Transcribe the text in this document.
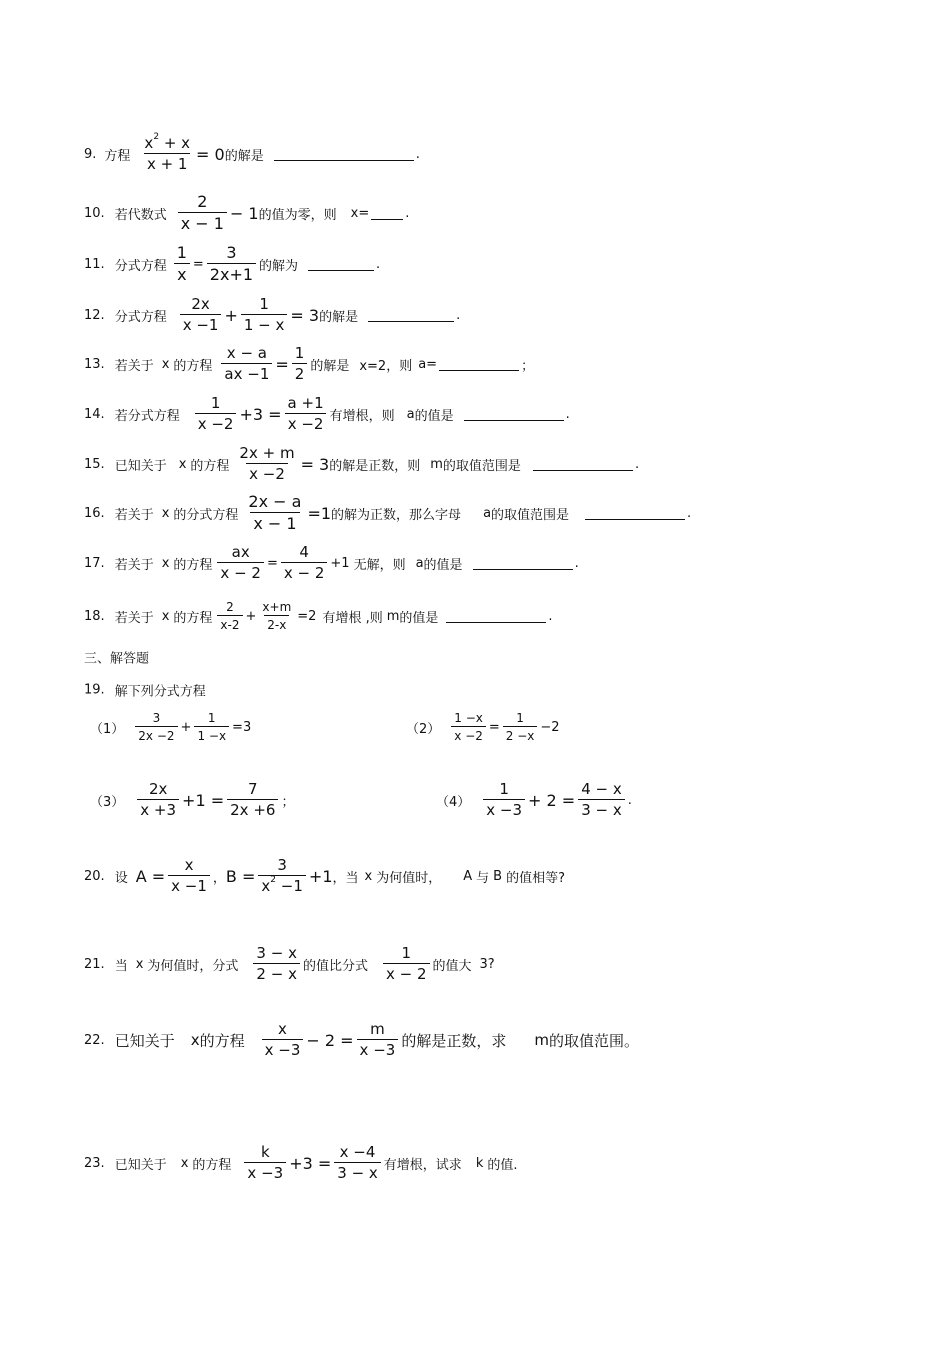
9. 方程 $\frac{x^2 + x}{x + 1} = 0$ 的解是	.
10. 若代数式 $\frac{2}{x - 1} - 1$ 的值为零，则 x=	.
11. 分式方程 $\frac{1}{x} = \frac{3}{2x+1}$ 的解为	.
12. 分式方程 $\frac{2x}{x -1} + \frac{1}{1 - x} = 3$ 的解是	.
13. 若关于 x 的方程 $\frac{x - a}{ax -1} = \frac{1}{2}$ 的解是 x=2，则 a=	；
14. 若分式方程 $\frac{1}{x -2} +3 = \frac{a +1}{x -2}$ 有增根，则 a 的值是	.
15. 已知关于 x 的方程 $\frac{2x + m}{x -2} = 3$ 的解是正数，则 m 的取值范围是	.
16. 若关于 x 的分式方程 $\frac{2x - a}{x - 1} =1$ 的解为正数，那么字母 a 的取值范围是	.
17. 若关于 x 的方程 $\frac{ax}{x - 2} = \frac{4}{x - 2} +1$ 无解，则 a 的值是	.
18. 若关于 x 的方程 $\frac{2}{x-2} + \frac{x+m}{2-x} =2$ 有增根 ,则 m 的值是	.
三、解答题
19. 解下列分式方程
$(1) \frac{3}{2x -2} + \frac{1}{1 -x} =3$	$(2) \frac{1 -x}{x -2} = \frac{1}{2 -x} -2$
$(3) \frac{2x}{x +3} +1 = \frac{7}{2x +6}$ ；	$(4) \frac{1}{x -3} + 2 = \frac{4 - x}{3 - x}$ .
20. 设 $A = \frac{x}{x -1}$ ， $B = \frac{3}{x^2 -1} +1$ ，当 x 为何值时， A 与 B 的值相等?
21. 当 x 为何值时，分式 $\frac{3 - x}{2 - x}$ 的值比分式 $\frac{1}{x - 2}$ 的值大 3?
22. 已知关于 x 的方程 $\frac{x}{x -3} - 2 = \frac{m}{x -3}$ 的解是正数，求 m 的取值范围。
23. 已知关于 x 的方程 $\frac{k}{x -3} +3 = \frac{x -4}{3 - x}$ 有增根，试求 k 的值.
